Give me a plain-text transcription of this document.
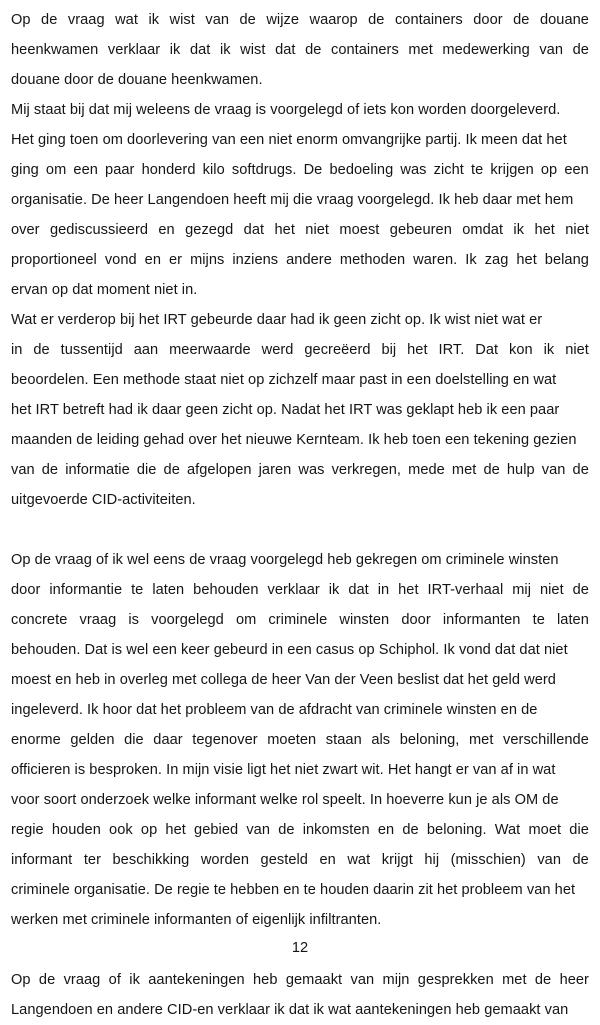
Op de vraag wat ik wist van de wijze waarop de containers door de douane
heenkwamen verklaar ik dat ik wist dat de containers met medewerking van de
douane door de douane heenkwamen.
Mij staat bij dat mij weleens de vraag is voorgelegd of iets kon worden doorgeleverd.
Het ging toen om doorlevering van een niet enorm omvangrijke partij. Ik meen dat het
ging om een paar honderd kilo softdrugs. De bedoeling was zicht te krijgen op een
organisatie. De heer Langendoen heeft mij die vraag voorgelegd. Ik heb daar met hem
over gediscussieerd en gezegd dat het niet moest gebeuren omdat ik het niet
proportioneel vond en er mijns inziens andere methoden waren. Ik zag het belang
ervan op dat moment niet in.
Wat er verderop bij het IRT gebeurde daar had ik geen zicht op. Ik wist niet wat er
in de tussentijd aan meerwaarde werd gecreëerd bij het IRT. Dat kon ik niet
beoordelen. Een methode staat niet op zichzelf maar past in een doelstelling en wat
het IRT betreft had ik daar geen zicht op. Nadat het IRT was geklapt heb ik een paar
maanden de leiding gehad over het nieuwe Kernteam. Ik heb toen een tekening gezien
van de informatie die de afgelopen jaren was verkregen, mede met de hulp van de
uitgevoerde CID-activiteiten.
Op de vraag of ik wel eens de vraag voorgelegd heb gekregen om criminele winsten
door informantie te laten behouden verklaar ik dat in het IRT-verhaal mij niet de
concrete vraag is voorgelegd om criminele winsten door informanten te laten
behouden. Dat is wel een keer gebeurd in een casus op Schiphol. Ik vond dat dat niet
moest en heb in overleg met collega de heer Van der Veen beslist dat het geld werd
ingeleverd. Ik hoor dat het probleem van de afdracht van criminele winsten en de
enorme gelden die daar tegenover moeten staan als beloning, met verschillende
officieren is besproken. In mijn visie ligt het niet zwart wit. Het hangt er van af in wat
voor soort onderzoek welke informant welke rol speelt. In hoeverre kun je als OM de
regie houden ook op het gebied van de inkomsten en de beloning. Wat moet die
informant ter beschikking worden gesteld en wat krijgt hij (misschien) van de
criminele organisatie. De regie te hebben en te houden daarin zit het probleem van het
werken met criminele informanten of eigenlijk infiltranten.
Op de vraag of ik aantekeningen heb gemaakt van mijn gesprekken met de heer
Langendoen en andere CID-en verklaar ik dat ik wat aantekeningen heb gemaakt van
12
